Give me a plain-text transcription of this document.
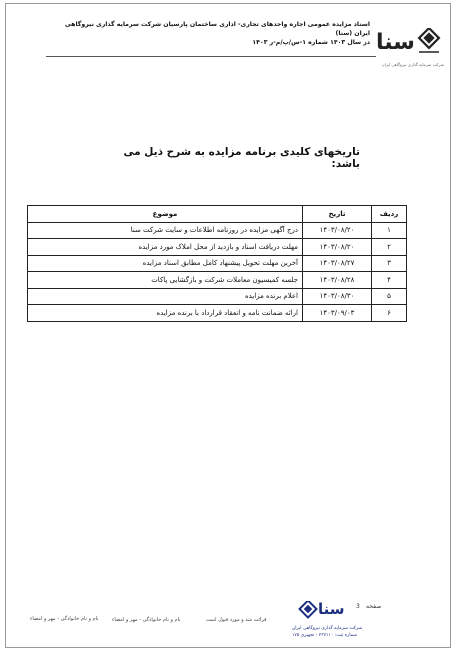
سنا
شرکت سرمایه گذاری نیروگاهی ایران
اسناد مزایده عمومی اجاره واحدهای تجاری- اداری ساختمان پارسیان شرکت سرمایه گذاری نیروگاهی ایران (سنا)
در سال ۱۴۰۳ شماره ۱-س/پ/م-ر ۱۴۰۳
تاریخهای کلیدی برنامه مزایده به شرح ذیل می باشد:
ردیف	تاریخ	موضوع
۱	۱۴۰۳/۰۸/۲۰	درج آگهی مزایده در روزنامه اطلاعات و سایت شرکت سنا
۲	۱۴۰۳/۰۸/۲۰	مهلت دریافت اسناد و بازدید از محل املاک مورد مزایده
۳	۱۴۰۳/۰۸/۲۷	آخرین مهلت تحویل پیشنهاد کامل مطابق اسناد مزایده
۴	۱۴۰۳/۰۸/۲۸	جلسه کمیسیون معاملات شرکت و بازگشایی پاکات
۵	۱۴۰۳/۰۸/۳۰	اعلام برنده مزایده
۶	۱۴۰۳/۰۹/۰۳	ارائه ضمانت نامه و انعقاد قرارداد با برنده مزایده
سنا
شرکت سرمایه گذاری نیروگاهی ایران
شماره ثبت: ۲۳۷۱۱۰ - تجهیزی ۱۷۵
صفحه
3
قرائت شد و مورد قبول است
نام و نام خانوادگی - مهر و امضاء
نام و نام خانوادگی - مهر و امضاء
